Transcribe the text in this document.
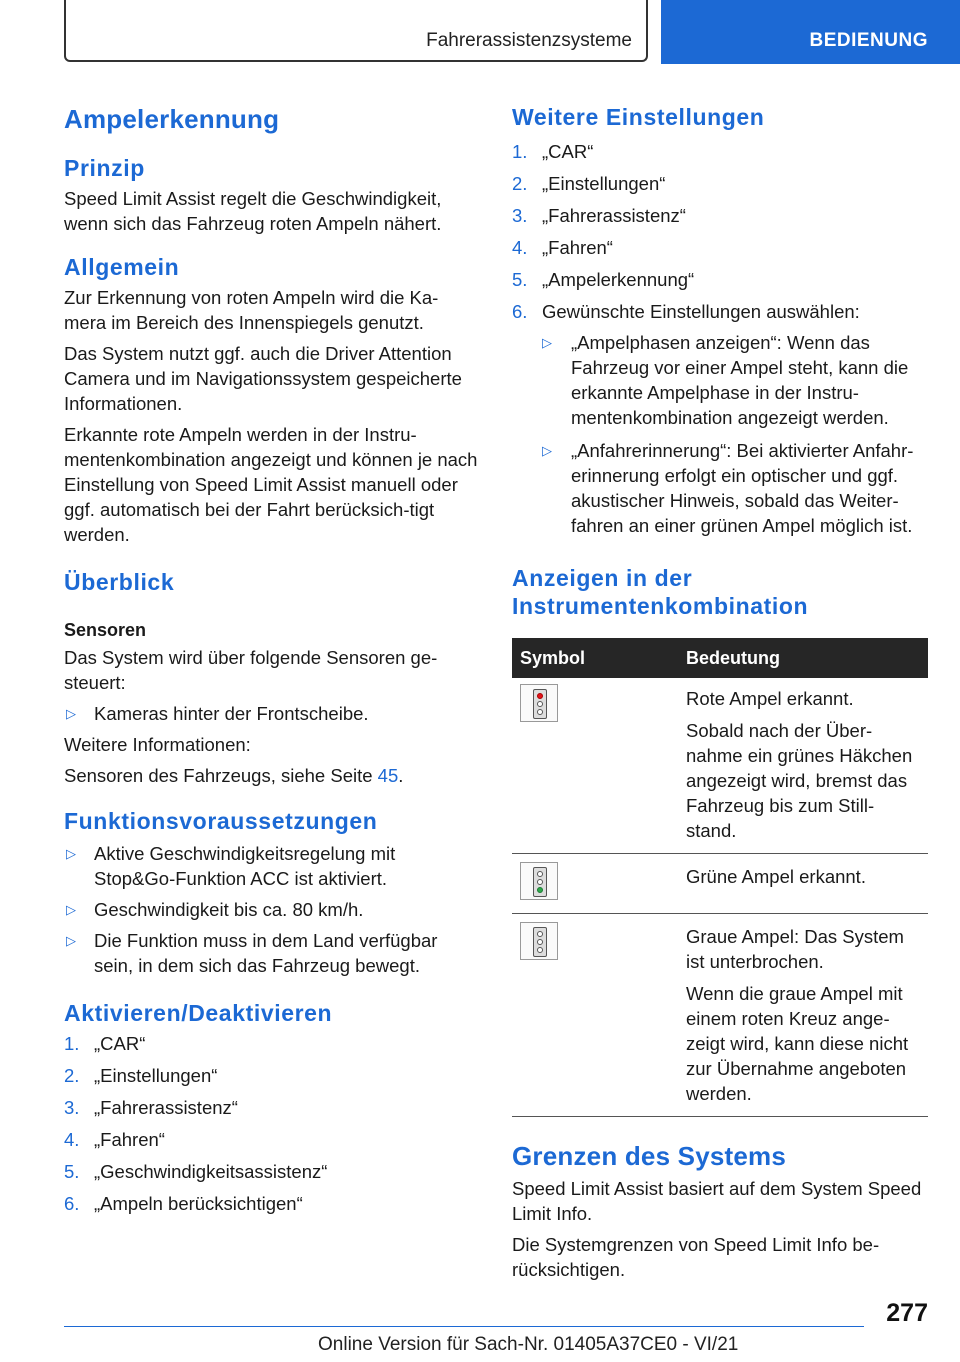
Fahrerassistenzsysteme	BEDIENUNG
Ampelerkennung
Prinzip

Speed Limit Assist regelt die Geschwindigkeit, wenn sich das Fahrzeug roten Ampeln nähert.

Allgemein

Zur Erkennung von roten Ampeln wird die Ka‐mera im Bereich des Innenspiegels genutzt.

Das System nutzt ggf. auch die Driver Attention Camera und im Navigationssystem gespeicherte Informationen.

Erkannte rote Ampeln werden in der Instru‐mentenkombination angezeigt und können je nach Einstellung von Speed Limit Assist manuell oder ggf. automatisch bei der Fahrt berücksich‐tigt werden.

Überblick
Sensoren

Das System wird über folgende Sensoren ge‐steuert:

▷ Kameras hinter der Frontscheibe.

Weitere Informationen:

Sensoren des Fahrzeugs, siehe Seite 45.

Funktionsvoraussetzungen
▷ Aktive Geschwindigkeitsregelung mit Stop&Go-Funktion ACC ist aktiviert.
▷ Geschwindigkeit bis ca. 80 km/h.
▷ Die Funktion muss in dem Land verfügbar sein, in dem sich das Fahrzeug bewegt.
Aktivieren/Deaktivieren
1. „CAR“
2. „Einstellungen“
3. „Fahrerassistenz“
4. „Fahren“
5. „Geschwindigkeitsassistenz“
6. „Ampeln berücksichtigen“
Weitere Einstellungen
1. „CAR“
2. „Einstellungen“
3. „Fahrerassistenz“
4. „Fahren“
5. „Ampelerkennung“
6. Gewünschte Einstellungen auswählen:
▷ „Ampelphasen anzeigen“: Wenn das Fahrzeug vor einer Ampel steht, kann die erkannte Ampelphase in der Instru‐mentenkombination angezeigt werden.
▷ „Anfahrerinnerung“: Bei aktivierter Anfahr‐erinnerung erfolgt ein optischer und ggf. akustischer Hinweis, sobald das Weiter‐fahren an einer grünen Ampel möglich ist.
Anzeigen in der
Instrumentenkombination
Symbol	Bedeutung

	Rote Ampel erkannt.

Sobald nach der Über‐nahme ein grünes Häkchen angezeigt wird, bremst das Fahrzeug bis zum Still‐stand.

	Grüne Ampel erkannt.

	Graue Ampel: Das System ist unterbrochen.

Wenn die graue Ampel mit einem roten Kreuz ange‐zeigt wird, kann diese nicht zur Übernahme angeboten werden.

Grenzen des Systems

Speed Limit Assist basiert auf dem System Speed Limit Info.

Die Systemgrenzen von Speed Limit Info be‐rücksichtigen.

277
Online Version für Sach-Nr. 01405A37CE0 - VI/21
